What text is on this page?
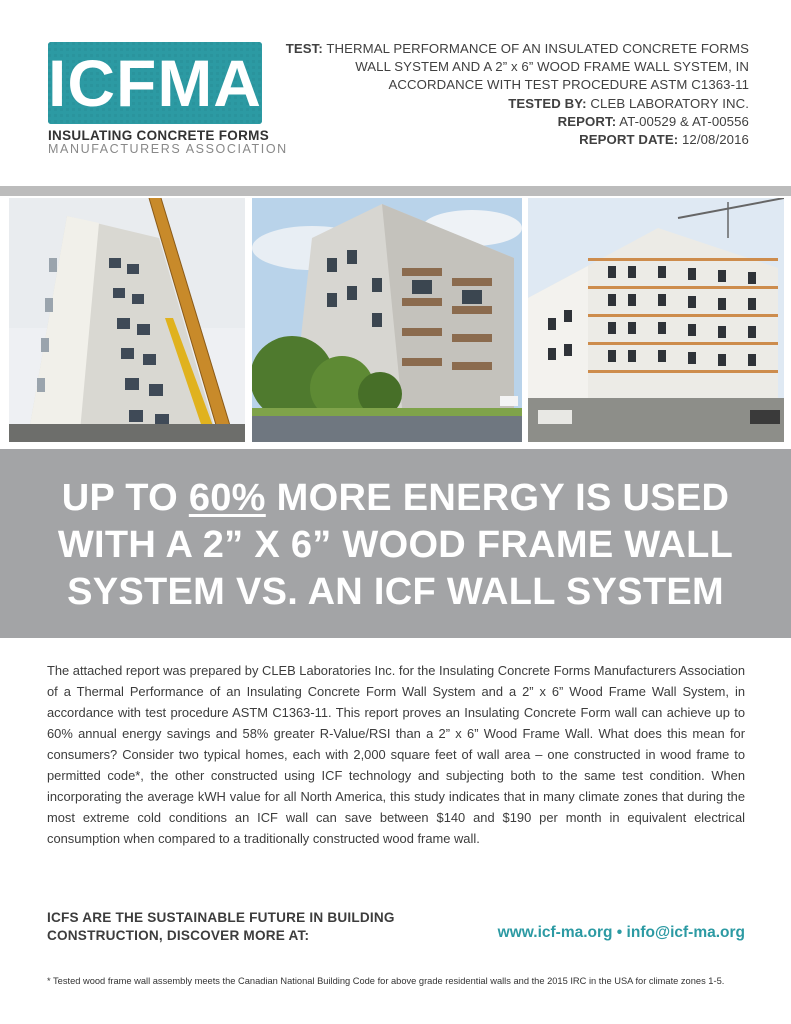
ICFMA
INSULATING CONCRETE FORMS
MANUFACTURERS ASSOCIATION
TEST: THERMAL PERFORMANCE OF AN INSULATED CONCRETE FORMS
WALL SYSTEM AND A 2” x 6” WOOD FRAME WALL SYSTEM, IN
ACCORDANCE WITH TEST PROCEDURE ASTM C1363-11
TESTED BY: CLEB LABORATORY INC.
REPORT: AT-00529 & AT-00556
REPORT DATE: 12/08/2016
UP TO 60% MORE ENERGY IS USED
WITH A 2” X 6” WOOD FRAME WALL
SYSTEM VS. AN ICF WALL SYSTEM

The attached report was prepared by CLEB Laboratories Inc. for the Insulating Concrete Forms Manufacturers Association of a Thermal Performance of an Insulating Concrete Form Wall System and a 2” x 6” Wood Frame Wall System, in accordance with test procedure ASTM C1363-11. This report proves an Insulating Concrete Form wall can achieve up to 60% annual energy savings and 58% greater R-Value/RSI than a 2” x 6” Wood Frame Wall. What does this mean for consumers? Consider two typical homes, each with 2,000 square feet of wall area – one constructed in wood frame to permitted code*, the other constructed using ICF technology and subjecting both to the same test condition. When incorporating the average kWH value for all North America, this study indicates that in many climate zones that during the most extreme cold conditions an ICF wall can save between $140 and $190 per month in equivalent electrical consumption when compared to a traditionally constructed wood frame wall.

ICFS ARE THE SUSTAINABLE FUTURE IN BUILDING
CONSTRUCTION, DISCOVER MORE AT:	www.icf-ma.org • info@icf-ma.org
* Tested wood frame wall assembly meets the Canadian National Building Code for above grade residential walls and the 2015 IRC in the USA for climate zones 1-5.
